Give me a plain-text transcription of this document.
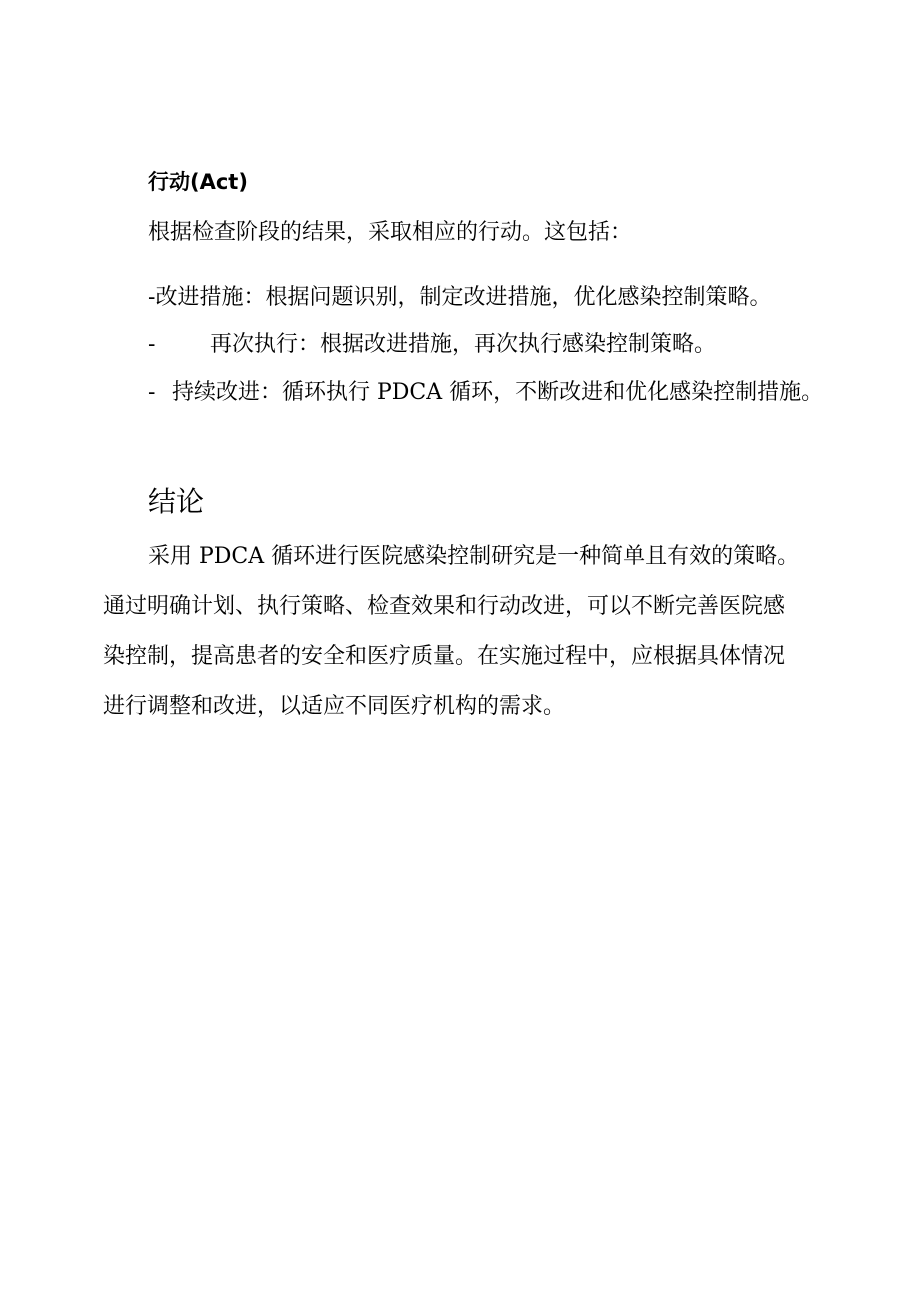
行动(Act)
根据检查阶段的结果，采取相应的行动。这包括：
-改进措施：根据问题识别，制定改进措施，优化感染控制策略。
- 再次执行：根据改进措施，再次执行感染控制策略。
- 持续改进：循环执行 PDCA 循环，不断改进和优化感染控制措施。
结论
采用 PDCA 循环进行医院感染控制研究是一种简单且有效的策略。
通过明确计划、执行策略、检查效果和行动改进，可以不断完善医院感
染控制，提高患者的安全和医疗质量。在实施过程中，应根据具体情况
进行调整和改进，以适应不同医疗机构的需求。
